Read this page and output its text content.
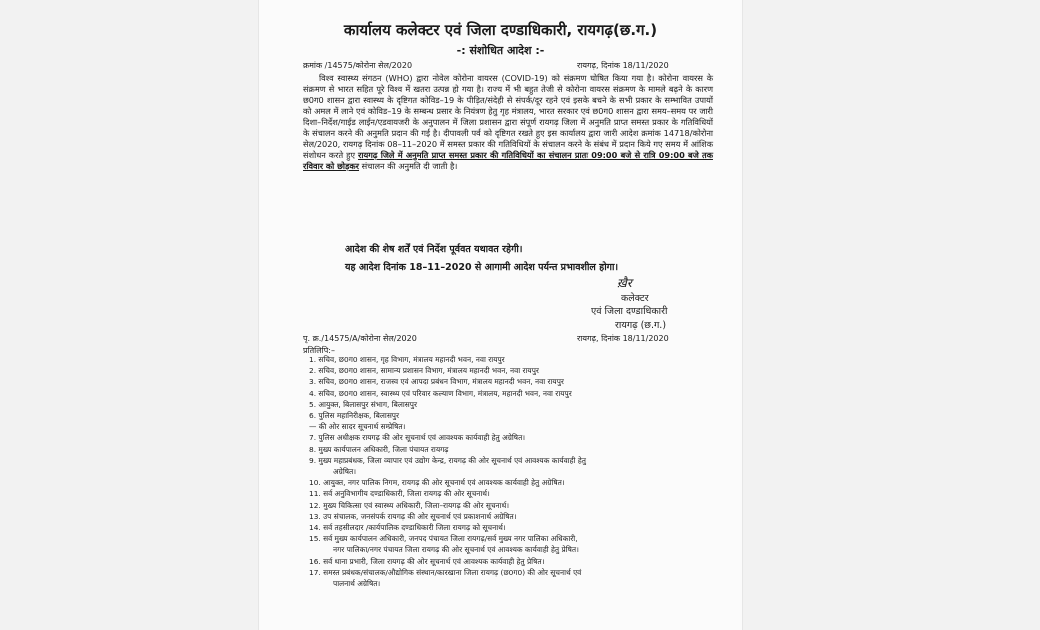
कार्यालय कलेक्टर एवं जिला दण्डाधिकारी, रायगढ़(छ.ग.)
-: संशोधित आदेश :-
क्रमांक /14575/कोरोना सेल/2020	रायगढ़, दिनांक 18/11/2020
विश्व स्वास्थ्य संगठन (WHO) द्वारा नोवेल कोरोना वायरस (COVID-19) को संक्रमण घोषित किया गया है। कोरोना वायरस के संक्रमण से भारत सहित पूरे विश्व में खतरा उत्पन्न हो गया है। राज्य में भी बहुत तेजी से कोरोना वायरस संक्रमण के मामले बढ़ने के कारण छ0ग0 शासन द्वारा स्वास्थ्य के दृष्टिगत कोविड–19 के पीड़ित/संदेही से संपर्क/दूर रहने एवं इसके बचने के सभी प्रकार के सम्भावित उपायों को अमल में लाने एवं कोविड–19 के सम्बन्ध प्रसार के नियंत्रण हेतु गृह मंत्रालय, भारत सरकार एवं छ0ग0 शासन द्वारा समय–समय पर जारी दिशा–निर्देश/गाईड लाईन/एडवायजरी के अनुपालन में जिला प्रशासन द्वारा संपूर्ण रायगढ़ जिला में अनुमति प्राप्त समस्त प्रकार के गतिविधियों के संचालन करने की अनुमति प्रदान की गई है। दीपावली पर्व को दृष्टिगत रखते हुए इस कार्यालय द्वारा जारी आदेश क्रमांक 14718/कोरोना सेल/2020, रायगढ़ दिनांक 08–11–2020 में समस्त प्रकार की गतिविधियों के संचालन करने के संबंध में प्रदान किये गए समय में आंशिक संशोधन करते हुए रायगढ़ जिले में अनुमति प्राप्त समस्त प्रकार की गतिविधियों का संचालन प्रातः 09:00 बजे से रात्रि 09:00 बजे तक रविवार को छोड़कर संचालन की अनुमति दी जाती है।
आदेश की शेष शर्तें एवं निर्देश पूर्ववत यथावत रहेगी।
यह आदेश दिनांक 18–11–2020 से आगामी आदेश पर्यन्त प्रभावशील होगा।
ख़ैर
कलेक्टर
एवं जिला दण्डाधिकारी
रायगढ़ (छ.ग.)
पृ. क्र./14575/A/कोरोना सेल/2020	रायगढ़, दिनांक 18/11/2020
प्रतिलिपि:–
1. सचिव, छ0ग0 शासन, गृह विभाग, मंत्रालय महानदी भवन, नवा रायपुर
2. सचिव, छ0ग0 शासन, सामान्य प्रशासन विभाग, मंत्रालय महानदी भवन, नवा रायपुर
3. सचिव, छ0ग0 शासन, राजस्व एवं आपदा प्रबंधन विभाग, मंत्रालय महानदी भवन, नवा रायपुर
4. सचिव, छ0ग0 शासन, स्वास्थ्य एवं परिवार कल्याण विभाग, मंत्रालय, महानदी भवन, नवा रायपुर
5. आयुक्त, बिलासपुर संभाग, बिलासपुर
6. पुलिस महानिरीक्षक, बिलासपुर
— की ओर सादर सूचनार्थ सम्प्रेषित।
7. पुलिस अधीक्षक रायगढ़ की ओर सूचनार्थ एवं आवश्यक कार्यवाही हेतु अग्रेषित।
8. मुख्य कार्यपालन अधिकारी, जिला पंचायत रायगढ़
9. मुख्य महाप्रबंधक, जिला व्यापार एवं उद्योग केन्द्र, रायगढ़ की ओर सूचनार्थ एवं आवश्यक कार्यवाही हेतु
अग्रेषित।
10. आयुक्त, नगर पालिक निगम, रायगढ़ की ओर सूचनार्थ एवं आवश्यक कार्यवाही हेतु अग्रेषित।
11. सर्व अनुविभागीय दण्डाधिकारी, जिला रायगढ़ की ओर सूचनार्थ।
12. मुख्य चिकित्सा एवं स्वास्थ्य अधिकारी, जिला–रायगढ़ की ओर सूचनार्थ।
13. उप संचालक, जनसंपर्क रायगढ़ की ओर सूचनार्थ एवं प्रकाशनार्थ अग्रेषित।
14. सर्व तहसीलदार /कार्यपालिक दण्डाधिकारी जिला रायगढ़ को सूचनार्थ।
15. सर्व मुख्य कार्यपालन अधिकारी, जनपद पंचायत जिला रायगढ़/सर्व मुख्य नगर पालिका अधिकारी,
नगर पालिका/नगर पंचायत जिला रायगढ़ की ओर सूचनार्थ एवं आवश्यक कार्यवाही हेतु प्रेषित।
16. सर्व थाना प्रभारी, जिला रायगढ़ की ओर सूचनार्थ एवं आवश्यक कार्यवाही हेतु प्रेषित।
17. समस्त प्रबंधक/संचालक/औद्योगिक संस्थान/कारखाना जिला रायगढ़ (छ0ग0) की ओर सूचनार्थ एवं
पालनार्थ अग्रेषित।
